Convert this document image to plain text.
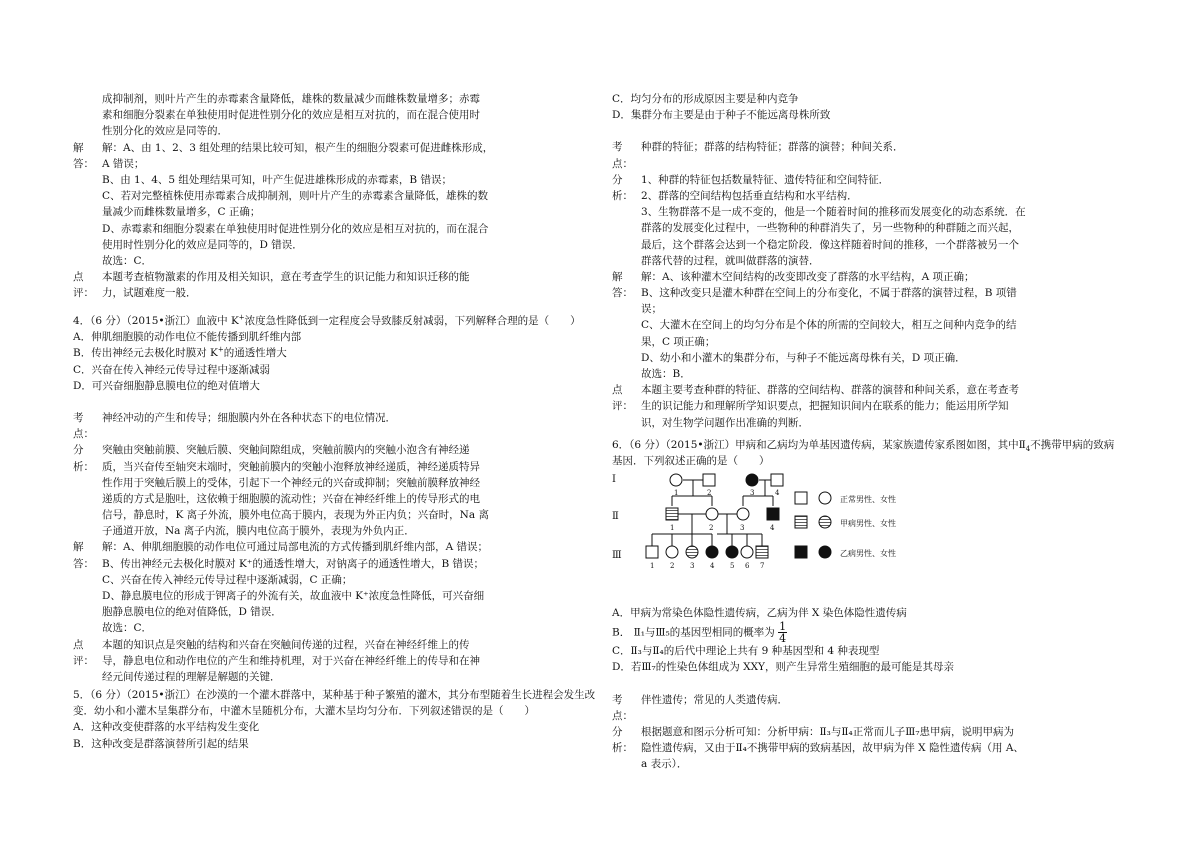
成抑制剂，则叶片产生的赤霉素含量降低，雄株的数量减少而雌株数量增多；赤霉
素和细胞分裂素在单独使用时促进性别分化的效应是相互对抗的，而在混合使用时
性别分化的效应是同等的．
解
答：
解：A、由 1、2、3 组处理的结果比较可知，根产生的细胞分裂素可促进雌株形成，
A 错误；
B、由 1、4、5 组处理结果可知，叶产生促进雄株形成的赤霉素，B 错误；
C、若对完整植株使用赤霉素合成抑制剂，则叶片产生的赤霉素含量降低，雄株的数
量减少而雌株数量增多，C 正确；
D、赤霉素和细胞分裂素在单独使用时促进性别分化的效应是相互对抗的，而在混合
使用时性别分化的效应是同等的，D 错误．
故选：C．
点
评：
本题考查植物激素的作用及相关知识，意在考查学生的识记能力和知识迁移的能
力，试题难度一般．
4．（6 分）（2015•浙江）血液中 K+浓度急性降低到一定程度会导致膝反射减弱，下列解释合理的是（　　）
A．伸肌细胞膜的动作电位不能传播到肌纤维内部
B．传出神经元去极化时膜对 K+的通透性增大
C．兴奋在传入神经元传导过程中逐渐减弱
D．可兴奋细胞静息膜电位的绝对值增大
考
点：
神经冲动的产生和传导；细胞膜内外在各种状态下的电位情况．
分
析：
突触由突触前膜、突触后膜、突触间隙组成，突触前膜内的突触小泡含有神经递
质，当兴奋传至轴突末端时，突触前膜内的突触小泡释放神经递质，神经递质特异
性作用于突触后膜上的受体，引起下一个神经元的兴奋或抑制；突触前膜释放神经
递质的方式是胞吐，这依赖于细胞膜的流动性；兴奋在神经纤维上的传导形式的电
信号，静息时，K 离子外流，膜外电位高于膜内，表现为外正内负；兴奋时，Na 离
子通道开放，Na 离子内流，膜内电位高于膜外，表现为外负内正．
解
答：
解：A、伸肌细胞膜的动作电位可通过局部电流的方式传播到肌纤维内部，A 错误；
B、传出神经元去极化时膜对 K⁺的通透性增大，对钠离子的通透性增大，B 错误；
C、兴奋在传入神经元传导过程中逐渐减弱，C 正确；
D、静息膜电位的形成于钾离子的外流有关，故血液中 K⁺浓度急性降低，可兴奋细
胞静息膜电位的绝对值降低，D 错误．
故选：C．
点
评：
本题的知识点是突触的结构和兴奋在突触间传递的过程，兴奋在神经纤维上的传
导，静息电位和动作电位的产生和维持机理，对于兴奋在神经纤维上的传导和在神
经元间传递过程的理解是解题的关键．
5．（6 分）（2015•浙江）在沙漠的一个灌木群落中，某种基于种子繁殖的灌木，其分布型随着生长进程会发生改
变．幼小和小灌木呈集群分布，中灌木呈随机分布，大灌木呈均匀分布．下列叙述错误的是（　　）
A．这种改变使群落的水平结构发生变化
B．这种改变是群落演替所引起的结果
C．均匀分布的形成原因主要是种内竞争
D．集群分布主要是由于种子不能远离母株所致
考
点：
种群的特征；群落的结构特征；群落的演替；种间关系．
分
析：
1、种群的特征包括数量特征、遗传特征和空间特征．
2、群落的空间结构包括垂直结构和水平结构．
3、生物群落不是一成不变的，他是一个随着时间的推移而发展变化的动态系统．在
群落的发展变化过程中，一些物种的种群消失了，另一些物种的种群随之而兴起，
最后，这个群落会达到一个稳定阶段．像这样随着时间的推移，一个群落被另一个
群落代替的过程，就叫做群落的演替．
解
答：
解：A、该种灌木空间结构的改变即改变了群落的水平结构，A 项正确；
B、这种改变只是灌木种群在空间上的分布变化，不属于群落的演替过程，B 项错
误；
C、大灌木在空间上的均匀分布是个体的所需的空间较大，相互之间种内竞争的结
果，C 项正确；
D、幼小和小灌木的集群分布，与种子不能远离母株有关，D 项正确．
故选：B．
点
评：
本题主要考查种群的特征、群落的空间结构、群落的演替和种间关系，意在考查考
生的识记能力和理解所学知识要点，把握知识间内在联系的能力；能运用所学知
识，对生物学问题作出准确的判断．
6．（6 分）（2015•浙江）甲病和乙病均为单基因遗传病，某家族遗传家系图如图，其中$Ⅱ_4$不携带甲病的致病
基因．下列叙述正确的是（　　）
Ⅰ
Ⅱ
Ⅲ
1	2	3	4
1	2	3	4
1 2 3 4 5 6 7
正常男性、女性
甲病男性、女性
乙病男性、女性
A．甲病为常染色体隐性遗传病，乙病为伴 X 染色体隐性遗传病
B． Ⅱ₁与Ⅲ₅的基因型相同的概率为 $\frac{1}{4}$
C．Ⅱ₃与Ⅱ₄的后代中理论上共有 9 种基因型和 4 种表现型
D．若Ⅲ₇的性染色体组成为 XXY，则产生异常生殖细胞的最可能是其母亲
考
点：
伴性遗传；常见的人类遗传病．
分
析：
根据题意和图示分析可知：分析甲病：Ⅱ₃与Ⅱ₄正常而儿子Ⅲ₇患甲病，说明甲病为
隐性遗传病，又由于Ⅱ₄不携带甲病的致病基因，故甲病为伴 X 隐性遗传病（用 A、
a 表示）．
